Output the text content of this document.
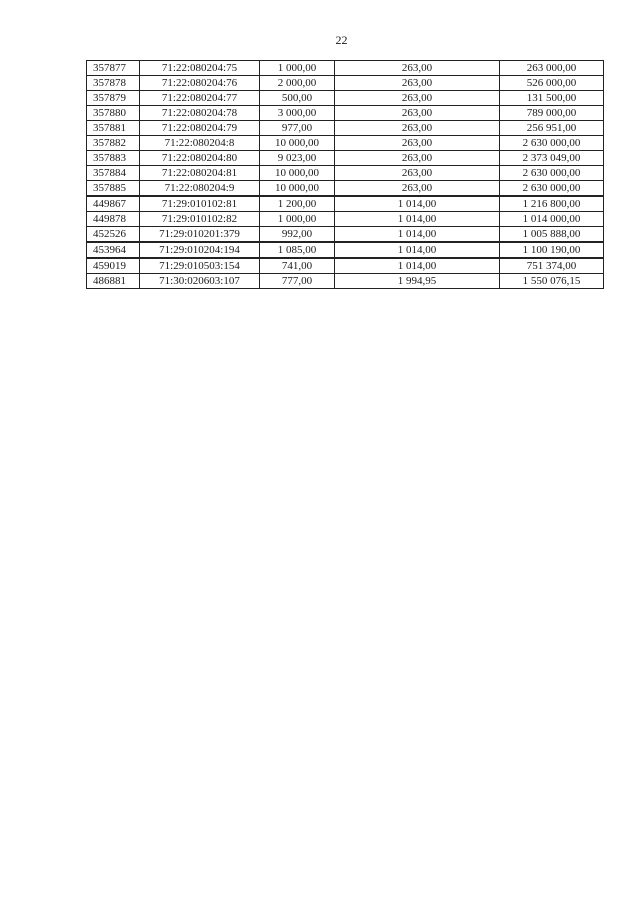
22
357877	71:22:080204:75	1 000,00	263,00	263 000,00
357878	71:22:080204:76	2 000,00	263,00	526 000,00
357879	71:22:080204:77	500,00	263,00	131 500,00
357880	71:22:080204:78	3 000,00	263,00	789 000,00
357881	71:22:080204:79	977,00	263,00	256 951,00
357882	71:22:080204:8	10 000,00	263,00	2 630 000,00
357883	71:22:080204:80	9 023,00	263,00	2 373 049,00
357884	71:22:080204:81	10 000,00	263,00	2 630 000,00
357885	71:22:080204:9	10 000,00	263,00	2 630 000,00
449867	71:29:010102:81	1 200,00	1 014,00	1 216 800,00
449878	71:29:010102:82	1 000,00	1 014,00	1 014 000,00
452526	71:29:010201:379	992,00	1 014,00	1 005 888,00
453964	71:29:010204:194	1 085,00	1 014,00	1 100 190,00
459019	71:29:010503:154	741,00	1 014,00	751 374,00
486881	71:30:020603:107	777,00	1 994,95	1 550 076,15
